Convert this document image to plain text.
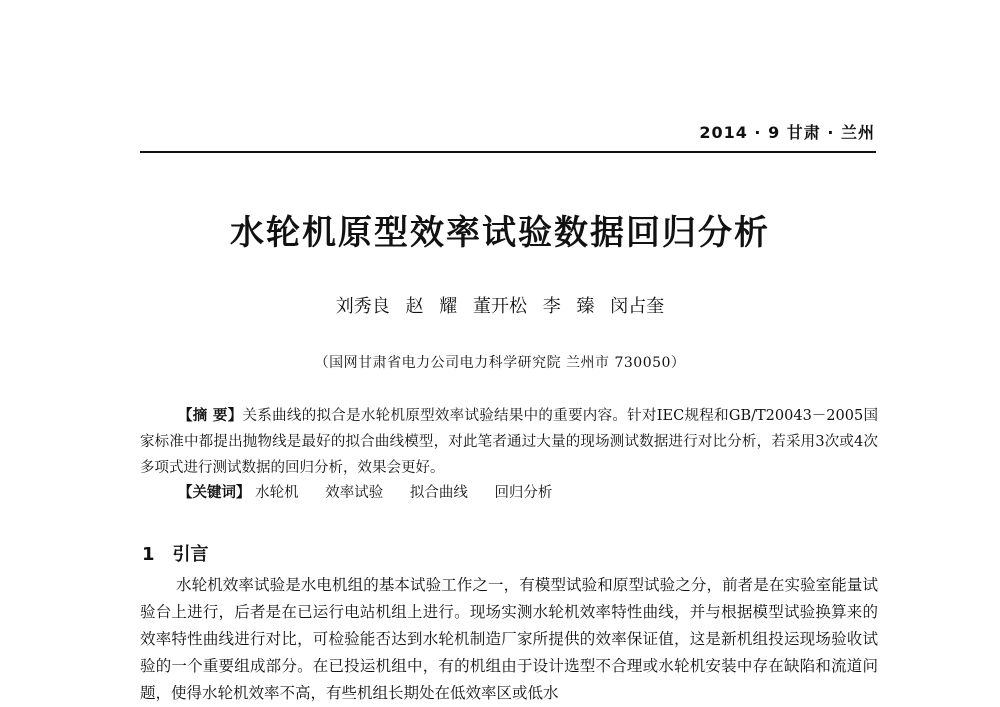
2014 · 9 甘肃 · 兰州
水轮机原型效率试验数据回归分析
刘秀良 赵 耀 董开松 李 臻 闵占奎
（国网甘肃省电力公司电力科学研究院 兰州市 730050）
【摘 要】关系曲线的拟合是水轮机原型效率试验结果中的重要内容。针对IEC规程和GB/T20043－2005国家标准中都提出抛物线是最好的拟合曲线模型，对此笔者通过大量的现场测试数据进行对比分析，若采用3次或4次多项式进行测试数据的回归分析，效果会更好。
【关键词】 水轮机 效率试验 拟合曲线 回归分析
1 引言
水轮机效率试验是水电机组的基本试验工作之一，有模型试验和原型试验之分，前者是在实验室能量试验台上进行，后者是在已运行电站机组上进行。现场实测水轮机效率特性曲线，并与根据模型试验换算来的效率特性曲线进行对比，可检验能否达到水轮机制造厂家所提供的效率保证值，这是新机组投运现场验收试验的一个重要组成部分。在已投运机组中，有的机组由于设计选型不合理或水轮机安装中存在缺陷和流道问题，使得水轮机效率不高，有些机组长期处在低效率区或低水
